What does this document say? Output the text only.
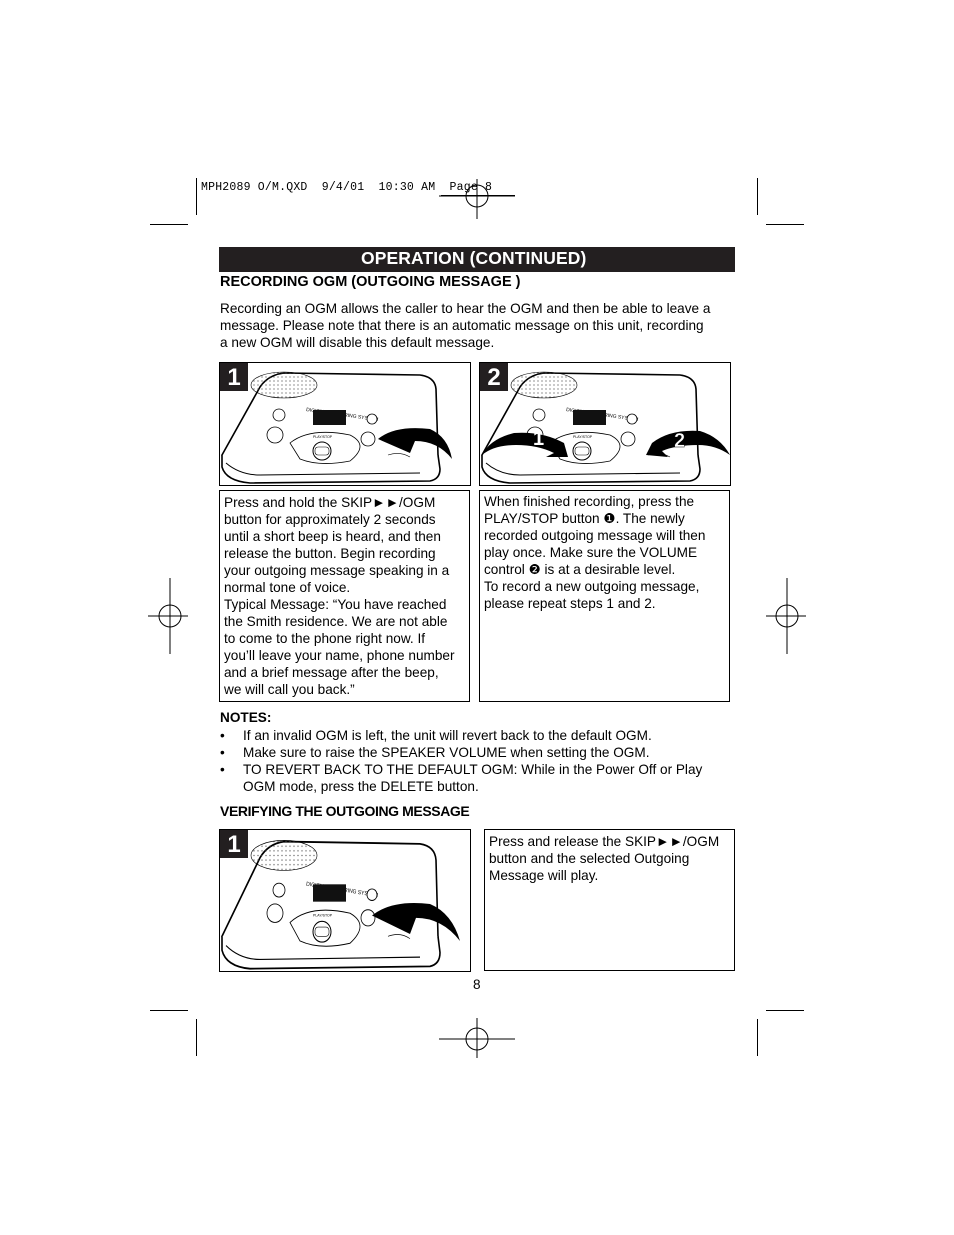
MPH2089 O/M.QXD  9/4/01  10:30 AM  Page 8
OPERATION (CONTINUED)
RECORDING OGM (OUTGOING MESSAGE )
Recording an OGM allows the caller to hear the OGM and then be able to leave a
message. Please note that there is an automatic message on this unit, recording
a new OGM will disable this default message.
1
1	2
2
Press and hold the SKIP►►/OGM
button for approximately 2 seconds
until a short beep is heard, and then
release the button. Begin recording
your outgoing message speaking in a
normal tone of voice.
Typical Message: “You have reached
the Smith residence. We are not able
to come to the phone right now. If
you’ll leave your name, phone number
and a brief message after the beep,
we will call you back.”
When finished recording, press the
PLAY/STOP button ❶. The newly
recorded outgoing message will then
play once. Make sure the VOLUME
control ❷ is at a desirable level.
To record a new outgoing message,
please repeat steps 1 and 2.
NOTES:
• If an invalid OGM is left, the unit will revert back to the default OGM.
• Make sure to raise the SPEAKER VOLUME when setting the OGM.
• TO REVERT BACK TO THE DEFAULT OGM: While in the Power Off or Play
OGM mode, press the DELETE button.
VERIFYING THE OUTGOING MESSAGE
1	Press and release the SKIP►►/OGM
button and the selected Outgoing
Message will play.
8
